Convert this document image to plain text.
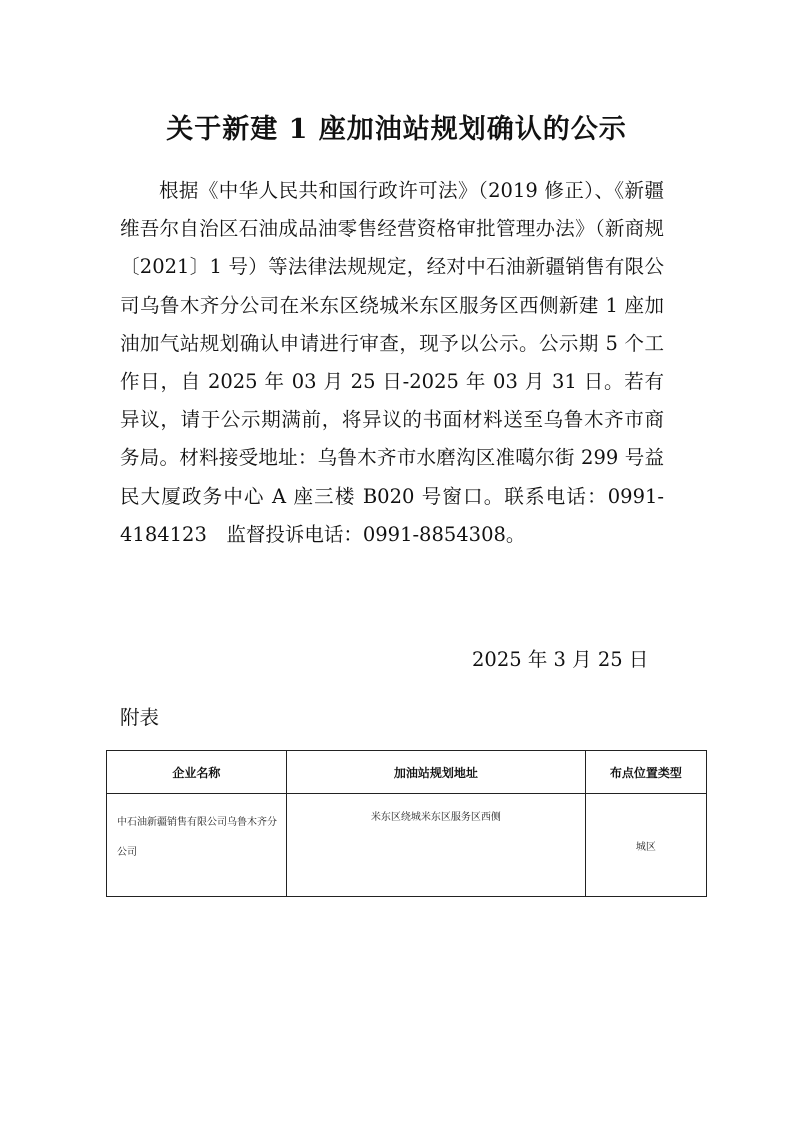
关于新建 1 座加油站规划确认的公示

根据《中华人民共和国行政许可法》（2019 修正）、《新疆维吾尔自治区石油成品油零售经营资格审批管理办法》（新商规〔2021〕1 号）等法律法规规定，经对中石油新疆销售有限公司乌鲁木齐分公司在米东区绕城米东区服务区西侧新建 1 座加油加气站规划确认申请进行审查，现予以公示。公示期 5 个工作日，自 2025 年 03 月 25 日-2025 年 03 月 31 日。若有异议，请于公示期满前，将异议的书面材料送至乌鲁木齐市商务局。材料接受地址：乌鲁木齐市水磨沟区准噶尔街 299 号益民大厦政务中心 A 座三楼 B020 号窗口。联系电话：0991-4184123　监督投诉电话：0991-8854308。

2025 年 3 月 25 日
附表
企业名称	加油站规划地址	布点位置类型
中石油新疆销售有限公司乌鲁木齐分公司	米东区绕城米东区服务区西侧	城区
